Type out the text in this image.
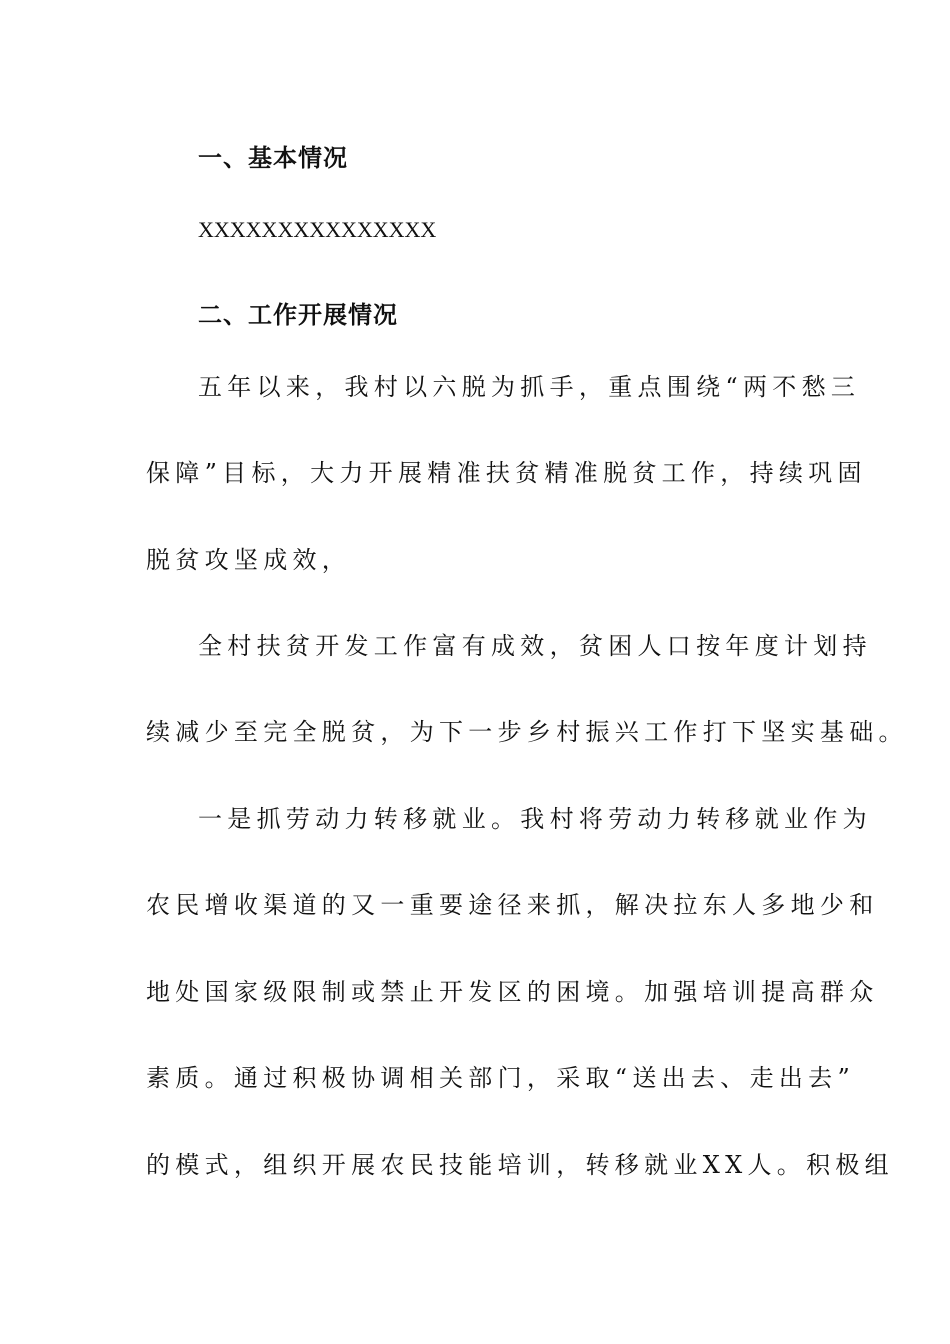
一、基本情况
XXXXXXXXXXXXXXX
二、工作开展情况
五年以来，我村以六脱为抓手，重点围绕“两不愁三
保障”目标，大力开展精准扶贫精准脱贫工作，持续巩固
脱贫攻坚成效，
全村扶贫开发工作富有成效，贫困人口按年度计划持
续减少至完全脱贫，为下一步乡村振兴工作打下坚实基础。
一是抓劳动力转移就业。我村将劳动力转移就业作为
农民增收渠道的又一重要途径来抓，解决拉东人多地少和
地处国家级限制或禁止开发区的困境。加强培训提高群众
素质。通过积极协调相关部门，采取“送出去、走出去”
的模式，组织开展农民技能培训，转移就业XX人。积极组
